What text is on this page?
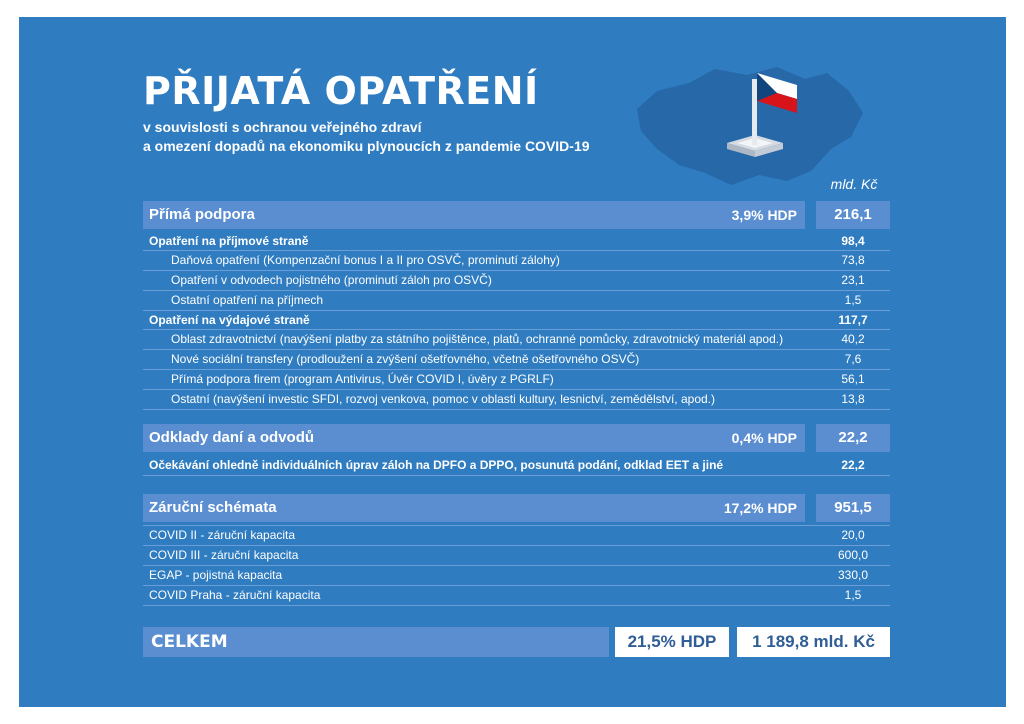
PŘIJATÁ OPATŘENÍ
v souvislosti s ochranou veřejného zdraví
a omezení dopadů na ekonomiku plynoucích z pandemie COVID-19
mld. Kč
Přímá podpora	3,9% HDP	216,1
Opatření na příjmové straně	98,4
Daňová opatření (Kompenzační bonus I a II pro OSVČ, prominutí zálohy)	73,8
Opatření v odvodech pojistného (prominutí záloh pro OSVČ)	23,1
Ostatní opatření na příjmech	1,5
Opatření na výdajové straně	117,7
Oblast zdravotnictví (navýšení platby za státního pojištěnce, platů, ochranné pomůcky, zdravotnický materiál apod.)	40,2
Nové sociální transfery (prodloužení a zvýšení ošetřovného, včetně ošetřovného OSVČ)	7,6
Přímá podpora firem (program Antivirus, Úvěr COVID I, úvěry z PGRLF)	56,1
Ostatní (navýšení investic SFDI, rozvoj venkova, pomoc v oblasti kultury, lesnictví, zemědělství, apod.)	13,8
Odklady daní a odvodů	0,4% HDP	22,2
Očekávání ohledně individuálních úprav záloh na DPFO a DPPO, posunutá podání, odklad EET a jiné	22,2
Záruční schémata	17,2% HDP	951,5
COVID II - záruční kapacita	20,0
COVID III - záruční kapacita	600,0
EGAP - pojistná kapacita	330,0
COVID Praha - záruční kapacita	1,5
CELKEM	21,5% HDP	1 189,8 mld. Kč
